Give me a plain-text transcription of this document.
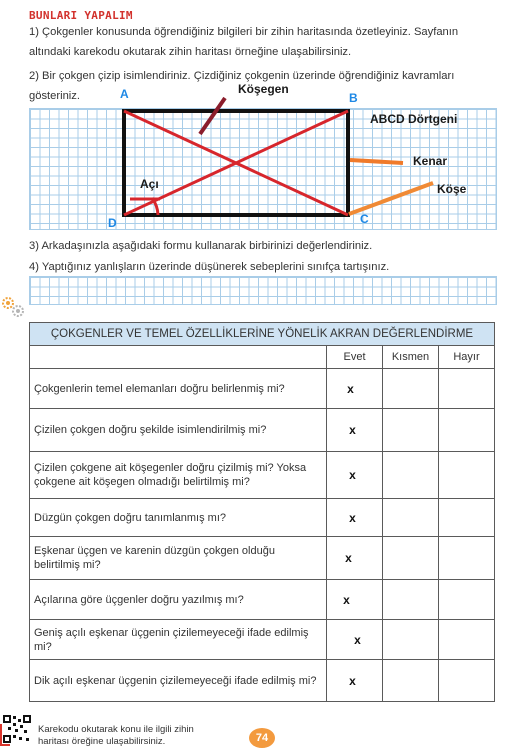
BUNLARI YAPALIM
1) Çokgenler konusunda öğrendiğiniz bilgileri bir zihin haritasında özetleyiniz. Sayfanın altındaki karekodu okutarak zihin haritası örneğine ulaşabilirsiniz.
2) Bir çokgen çizip isimlendiriniz. Çizdiğiniz çokgenin üzerinde öğrendiğiniz kavramları gösteriniz.	A	B
C
D
Köşegen
ABCD Dörtgeni
Kenar
Köşe
Açı
3) Arkadaşınızla aşağıdaki formu kullanarak birbirinizi değerlendiriniz.
4) Yaptığınız yanlışların üzerinde düşünerek sebeplerini sınıfça tartışınız.
ÇOKGENLER VE TEMEL ÖZELLİKLERİNE YÖNELİK AKRAN DEĞERLENDİRME			
	Evet	Kısmen	Hayır
Çokgenlerin temel elemanları doğru belirlenmiş mi?	x		
Çizilen çokgen doğru şekilde isimlendirilmiş mi?	x		
Çizilen çokgene ait köşegenler doğru çizilmiş mi? Yoksa çokgene ait köşegen olmadığı belirtilmiş mi?	x		
Düzgün çokgen doğru tanımlanmış mı?	x		
Eşkenar üçgen ve karenin düzgün çokgen olduğu belirtilmiş mi?	x		
Açılarına göre üçgenler doğru yazılmış mı?	x		
Geniş açılı eşkenar üçgenin çizilemeyeceği ifade edilmiş mi?	x		
Dik açılı eşkenar üçgenin çizilemeyeceği ifade edilmiş mi?	x		
Karekodu okutarak konu ile ilgili zihin haritası öreğine ulaşabilirsiniz.	74
